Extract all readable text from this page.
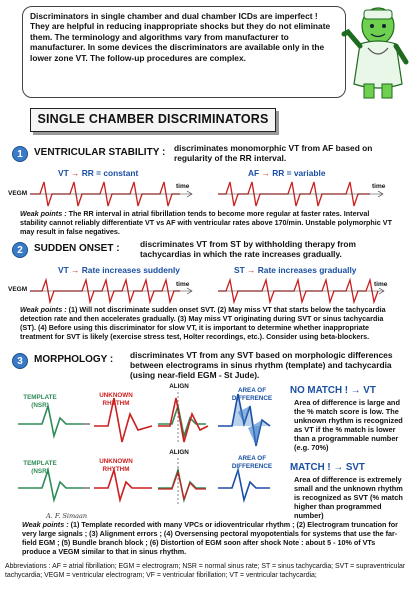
Discriminators in single chamber and dual chamber ICDs are imperfect ! They are helpful in reducing inappropriate shocks but they do not eliminate them. The terminology and algorithms vary from manufacturer to manufacturer. In some devices the discriminators are available only in the lower zone VT. The follow-up procedures are complex.
SINGLE CHAMBER DISCRIMINATORS
1	VENTRICULAR STABILITY : discriminates monomorphic VT from AF based on regularity of the RR interval.
VT → RR = constant	AF → RR = variable
VEGM
time	time
Weak points : The RR interval in atrial fibrillation tends to become more regular at faster rates. Interval stability cannot reliably differentiate VT vs AF with ventricular rates above 170/min. Unstable polymorphic VT may result in false negatives.
2	SUDDEN ONSET : discriminates VT from ST by withholding therapy from tachycardias in which the rate increases gradually.
VT → Rate increases suddenly	ST → Rate increases gradually
VEGM
time	time
Weak points : (1) Will not discriminate sudden onset SVT. (2) May miss VT that starts below the tachycardia detection rate and then accelerates gradually. (3) May miss VT originating during SVT or sinus tachycardia (ST). (4) Before using this discriminator for slow VT, it is important to determine whether inappropriate treatment for SVT is likely (exercise stress test, Holter recordings, etc.). Consider using beta-blockers.
3	MORPHOLOGY : discriminates VT from any SVT based on morphologic differences between electrograms in sinus rhythm (template) and tachycardia (using near-field EGM - St Jude).
TEMPLATE (NSR)
UNKNOWN RHYTHM
ALIGN
AREA OF DIFFERENCE
TEMPLATE (NSR)
UNKNOWN RHYTHM
ALIGN
AREA OF DIFFERENCE
A. F. Simaan
NO MATCH ! → VT
Area of difference is large and the % match score is low. The unknown rhythm is recognized as VT if the % match is lower than a programmable number (e.g. 70%)
MATCH ! → SVT
Area of difference is extremely small and the unknown rhythm is recognized as SVT (% match higher than programmed number)
Weak points : (1) Template recorded with many VPCs or idioventricular rhythm ; (2) Electrogram truncation for very large signals ; (3) Alignment errors ; (4) Oversensing pectoral myopotentials for systems that use the far-field EGM ; (5) Bundle branch block ; (6) Distortion of EGM soon after shock Note : about 5 - 10% of VTs produce a VEGM similar to that in sinus rhythm.
Abbreviations : AF = atrial fibrillation; EGM = electrogram; NSR = normal sinus rate; ST = sinus tachycardia; SVT = supraventricular tachycardia; VEGM = ventricular electrogram; VF = ventricular fibrillation; VT = ventricular tachycardia;
